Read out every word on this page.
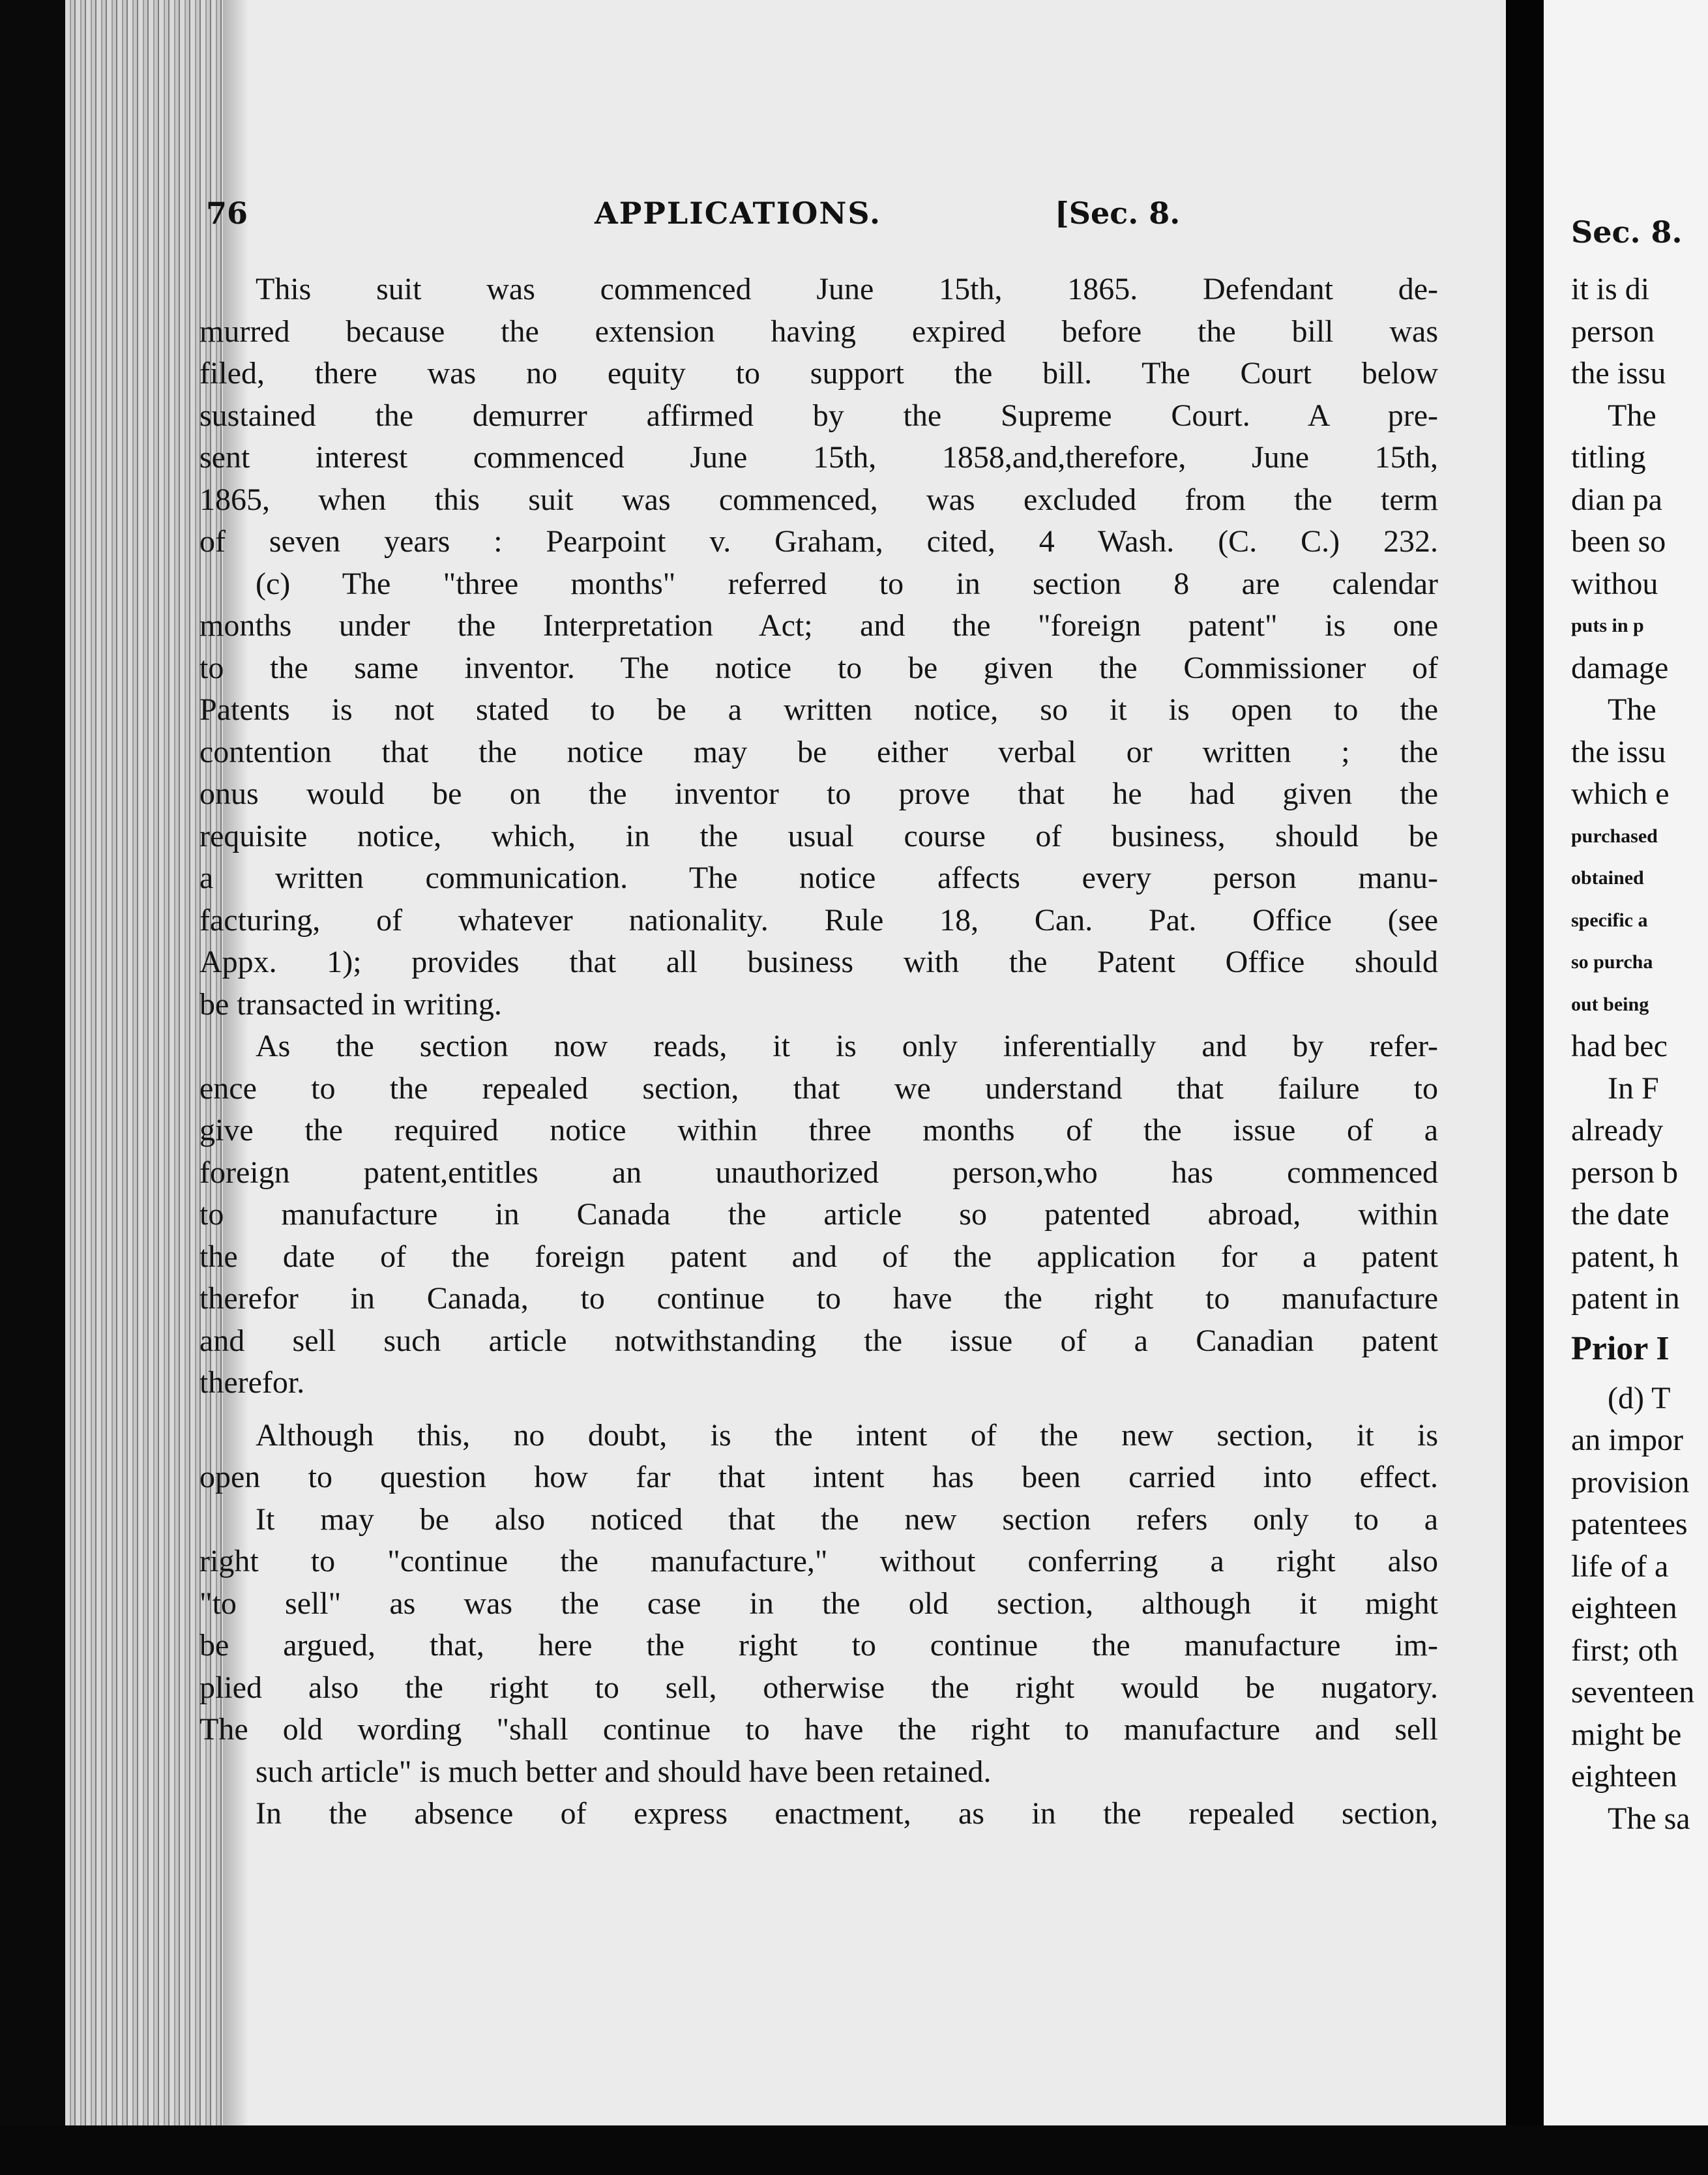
76	APPLICATIONS.	[Sec. 8.
This suit was commenced June 15th, 1865. Defendant de-
murred because the extension having expired before the bill was
filed, there was no equity to support the bill. The Court below
sustained the demurrer affirmed by the Supreme Court. A pre-
sent interest commenced June 15th, 1858,and,therefore, June 15th,
1865, when this suit was commenced, was excluded from the term
of seven years : Pearpoint v. Graham, cited, 4 Wash. (C. C.) 232.
(c) The "three months" referred to in section 8 are calendar
months under the Interpretation Act; and the "foreign patent" is one
to the same inventor. The notice to be given the Commissioner of
Patents is not stated to be a written notice, so it is open to the
contention that the notice may be either verbal or written ; the
onus would be on the inventor to prove that he had given the
requisite notice, which, in the usual course of business, should be
a written communication. The notice affects every person manu-
facturing, of whatever nationality. Rule 18, Can. Pat. Office (see
Appx. 1); provides that all business with the Patent Office should
be transacted in writing.
As the section now reads, it is only inferentially and by refer-
ence to the repealed section, that we understand that failure to
give the required notice within three months of the issue of a
foreign patent,entitles an unauthorized person,who has commenced
to manufacture in Canada the article so patented abroad, within
the date of the foreign patent and of the application for a patent
therefor in Canada, to continue to have the right to manufacture
and sell such article notwithstanding the issue of a Canadian patent
therefor.
Although this, no doubt, is the intent of the new section, it is
open to question how far that intent has been carried into effect.
It may be also noticed that the new section refers only to a
right to "continue the manufacture," without conferring a right also
"to sell" as was the case in the old section, although it might
be argued, that, here the right to continue the manufacture im-
plied also the right to sell, otherwise the right would be nugatory.
The old wording "shall continue to have the right to manufacture and sell
such article" is much better and should have been retained.
In the absence of express enactment, as in the repealed section,
Sec. 8.
it is di
person
the issu
The
titling
dian pa
been so
withou
puts in p
damage
The
the issu
which e
purchased
obtained
specific a
so purcha
out being
had bec
In F
already
person b
the date
patent, h
patent in
Prior I
(d) T
an impor
provision
patentees
life of a
eighteen
first; oth
seventeen
might be
eighteen
The sa
